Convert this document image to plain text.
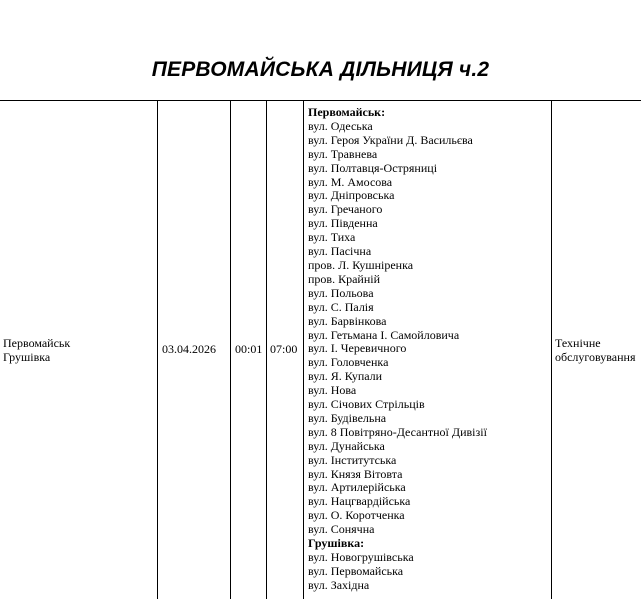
ПЕРВОМАЙСЬКА ДІЛЬНИЦЯ ч.2
Первомайськ
Грушівка
03.04.2026 00:01 07:00
Первомайськ:
вул. Одеська
вул. Героя України Д. Васильєва
вул. Травнева
вул. Полтавця-Остряниці
вул. М. Амосова
вул. Дніпровська
вул. Гречаного
вул. Південна
вул. Тиха
вул. Пасічна
пров. Л. Кушніренка
пров. Крайній
вул. Польова
вул. С. Палія
вул. Барвінкова
вул. Гетьмана І. Самойловича
вул. І. Черевичного
вул. Головченка
вул. Я. Купали
вул. Нова
вул. Січових Стрільців
вул. Будівельна
вул. 8 Повітряно-Десантної Дивізії
вул. Дунайська
вул. Інститутська
вул. Князя Вітовта
вул. Артилерійська
вул. Нацгвардійська
вул. О. Коротченка
вул. Сонячна
Грушівка:
вул. Новогрушівська
вул. Первомайська
вул. Західна
Технічне
обслуговування
